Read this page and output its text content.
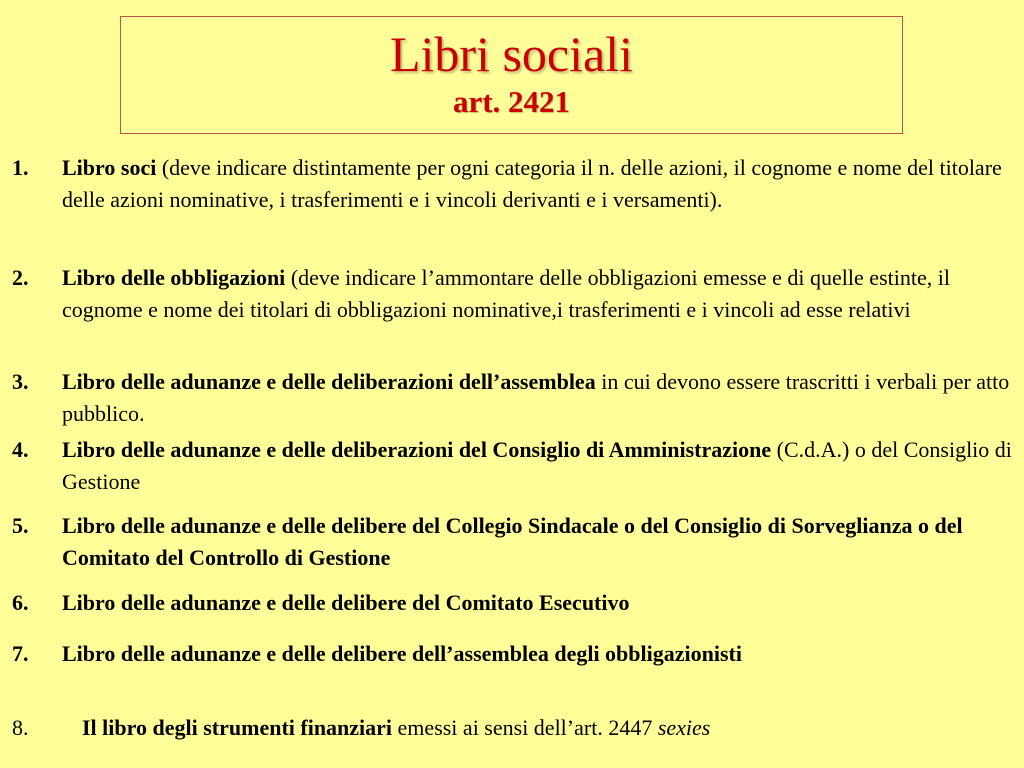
Libri sociali
art. 2421
1. Libro soci (deve indicare distintamente per ogni categoria il n. delle azioni, il cognome e nome del titolare delle azioni nominative, i trasferimenti e i vincoli derivanti e i versamenti).
2. Libro delle obbligazioni (deve indicare l’ammontare delle obbligazioni emesse e di quelle estinte, il cognome e nome dei titolari di obbligazioni nominative,i trasferimenti e i vincoli ad esse relativi
3. Libro delle adunanze e delle deliberazioni dell’assemblea in cui devono essere trascritti i verbali per atto pubblico.
4. Libro delle adunanze e delle deliberazioni del Consiglio di Amministrazione (C.d.A.) o del Consiglio di Gestione
5. Libro delle adunanze e delle delibere del Collegio Sindacale o del Consiglio di Sorveglianza o del Comitato del Controllo di Gestione
6. Libro delle adunanze e delle delibere del Comitato Esecutivo
7. Libro delle adunanze e delle delibere dell’assemblea degli obbligazionisti
8. Il libro degli strumenti finanziari emessi ai sensi dell’art. 2447 sexies
